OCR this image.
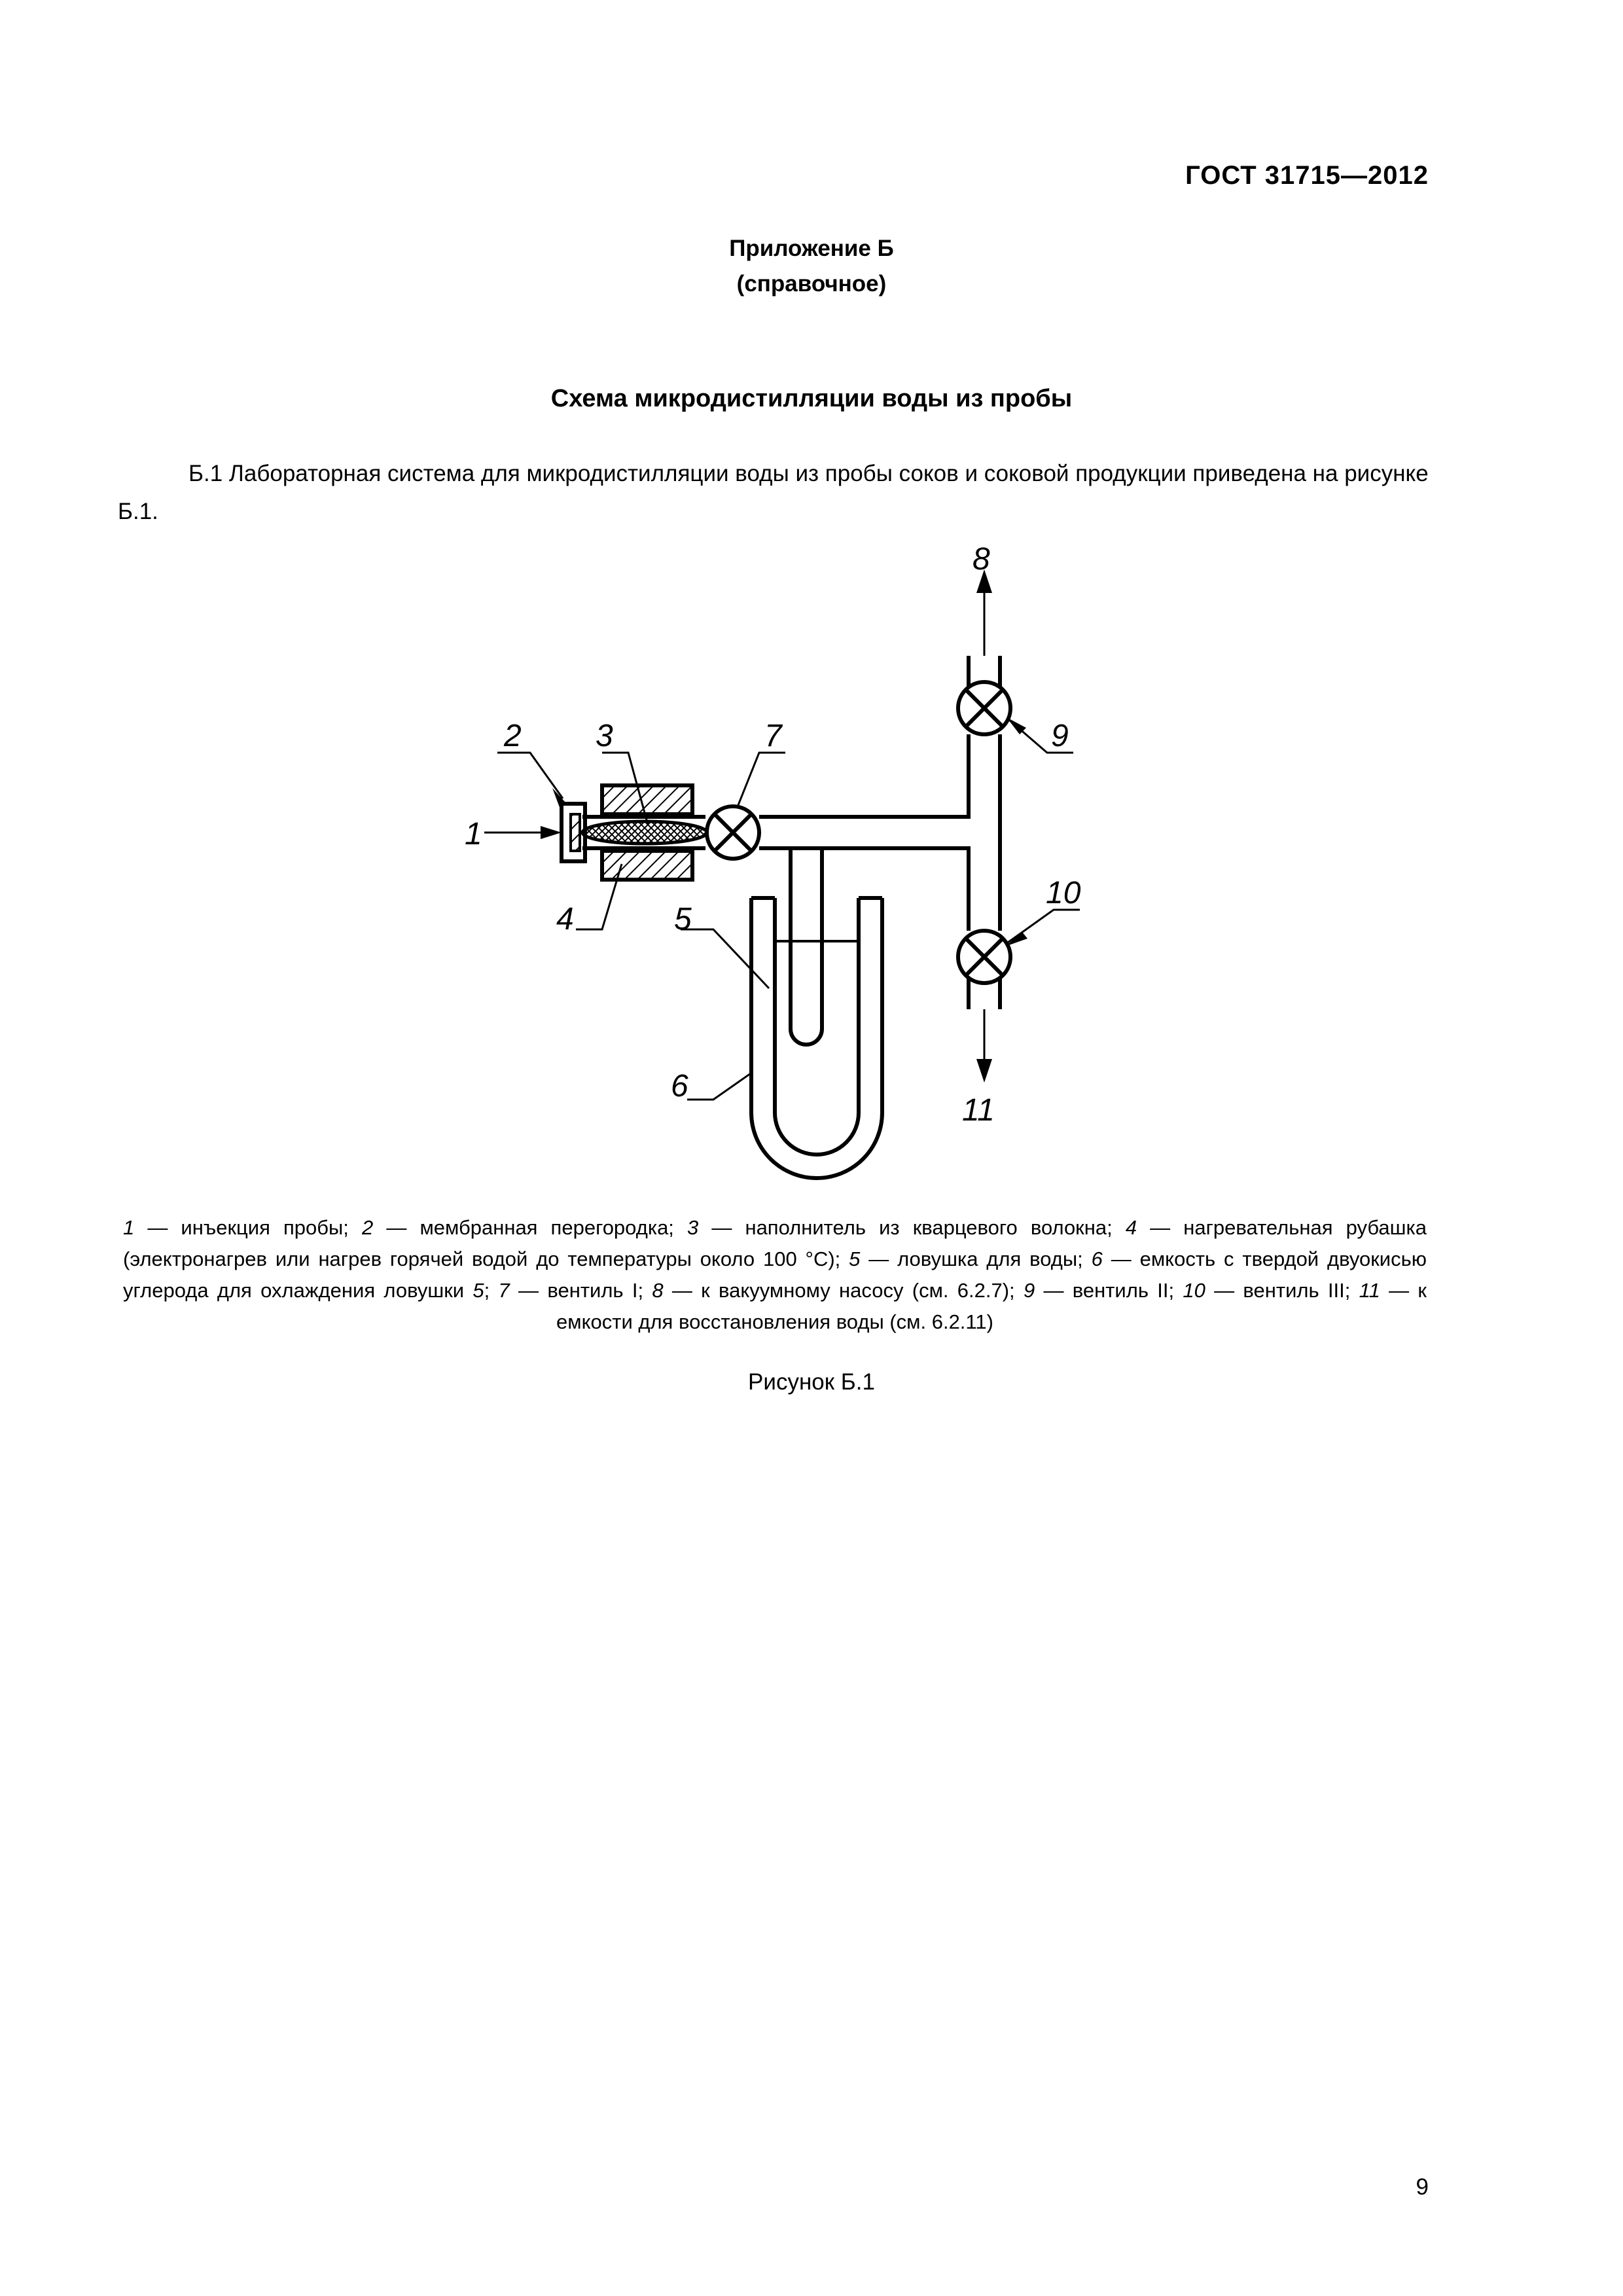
ГОСТ 31715—2012
Приложение Б
(справочное)
Схема микродистилляции воды из пробы
Б.1 Лабораторная система для микродистилляции воды из пробы соков и соковой продукции приведена на рисунке Б.1.
1
2 3
4	5
6
7
8
9
10
11
1 — инъекция пробы; 2 — мембранная перегородка; 3 — наполнитель из кварцевого волокна; 4 — нагревательная рубашка (электронагрев или нагрев горячей водой до температуры около 100 °С); 5 — ловушка для воды; 6 — емкость с твердой двуокисью углерода для охлаждения ловушки 5; 7 — вентиль I; 8 — к вакуумному насосу (см. 6.2.7); 9 — вентиль II; 10 — вентиль III; 11 — к емкости для восстановления воды (см. 6.2.11)
Рисунок Б.1
9
